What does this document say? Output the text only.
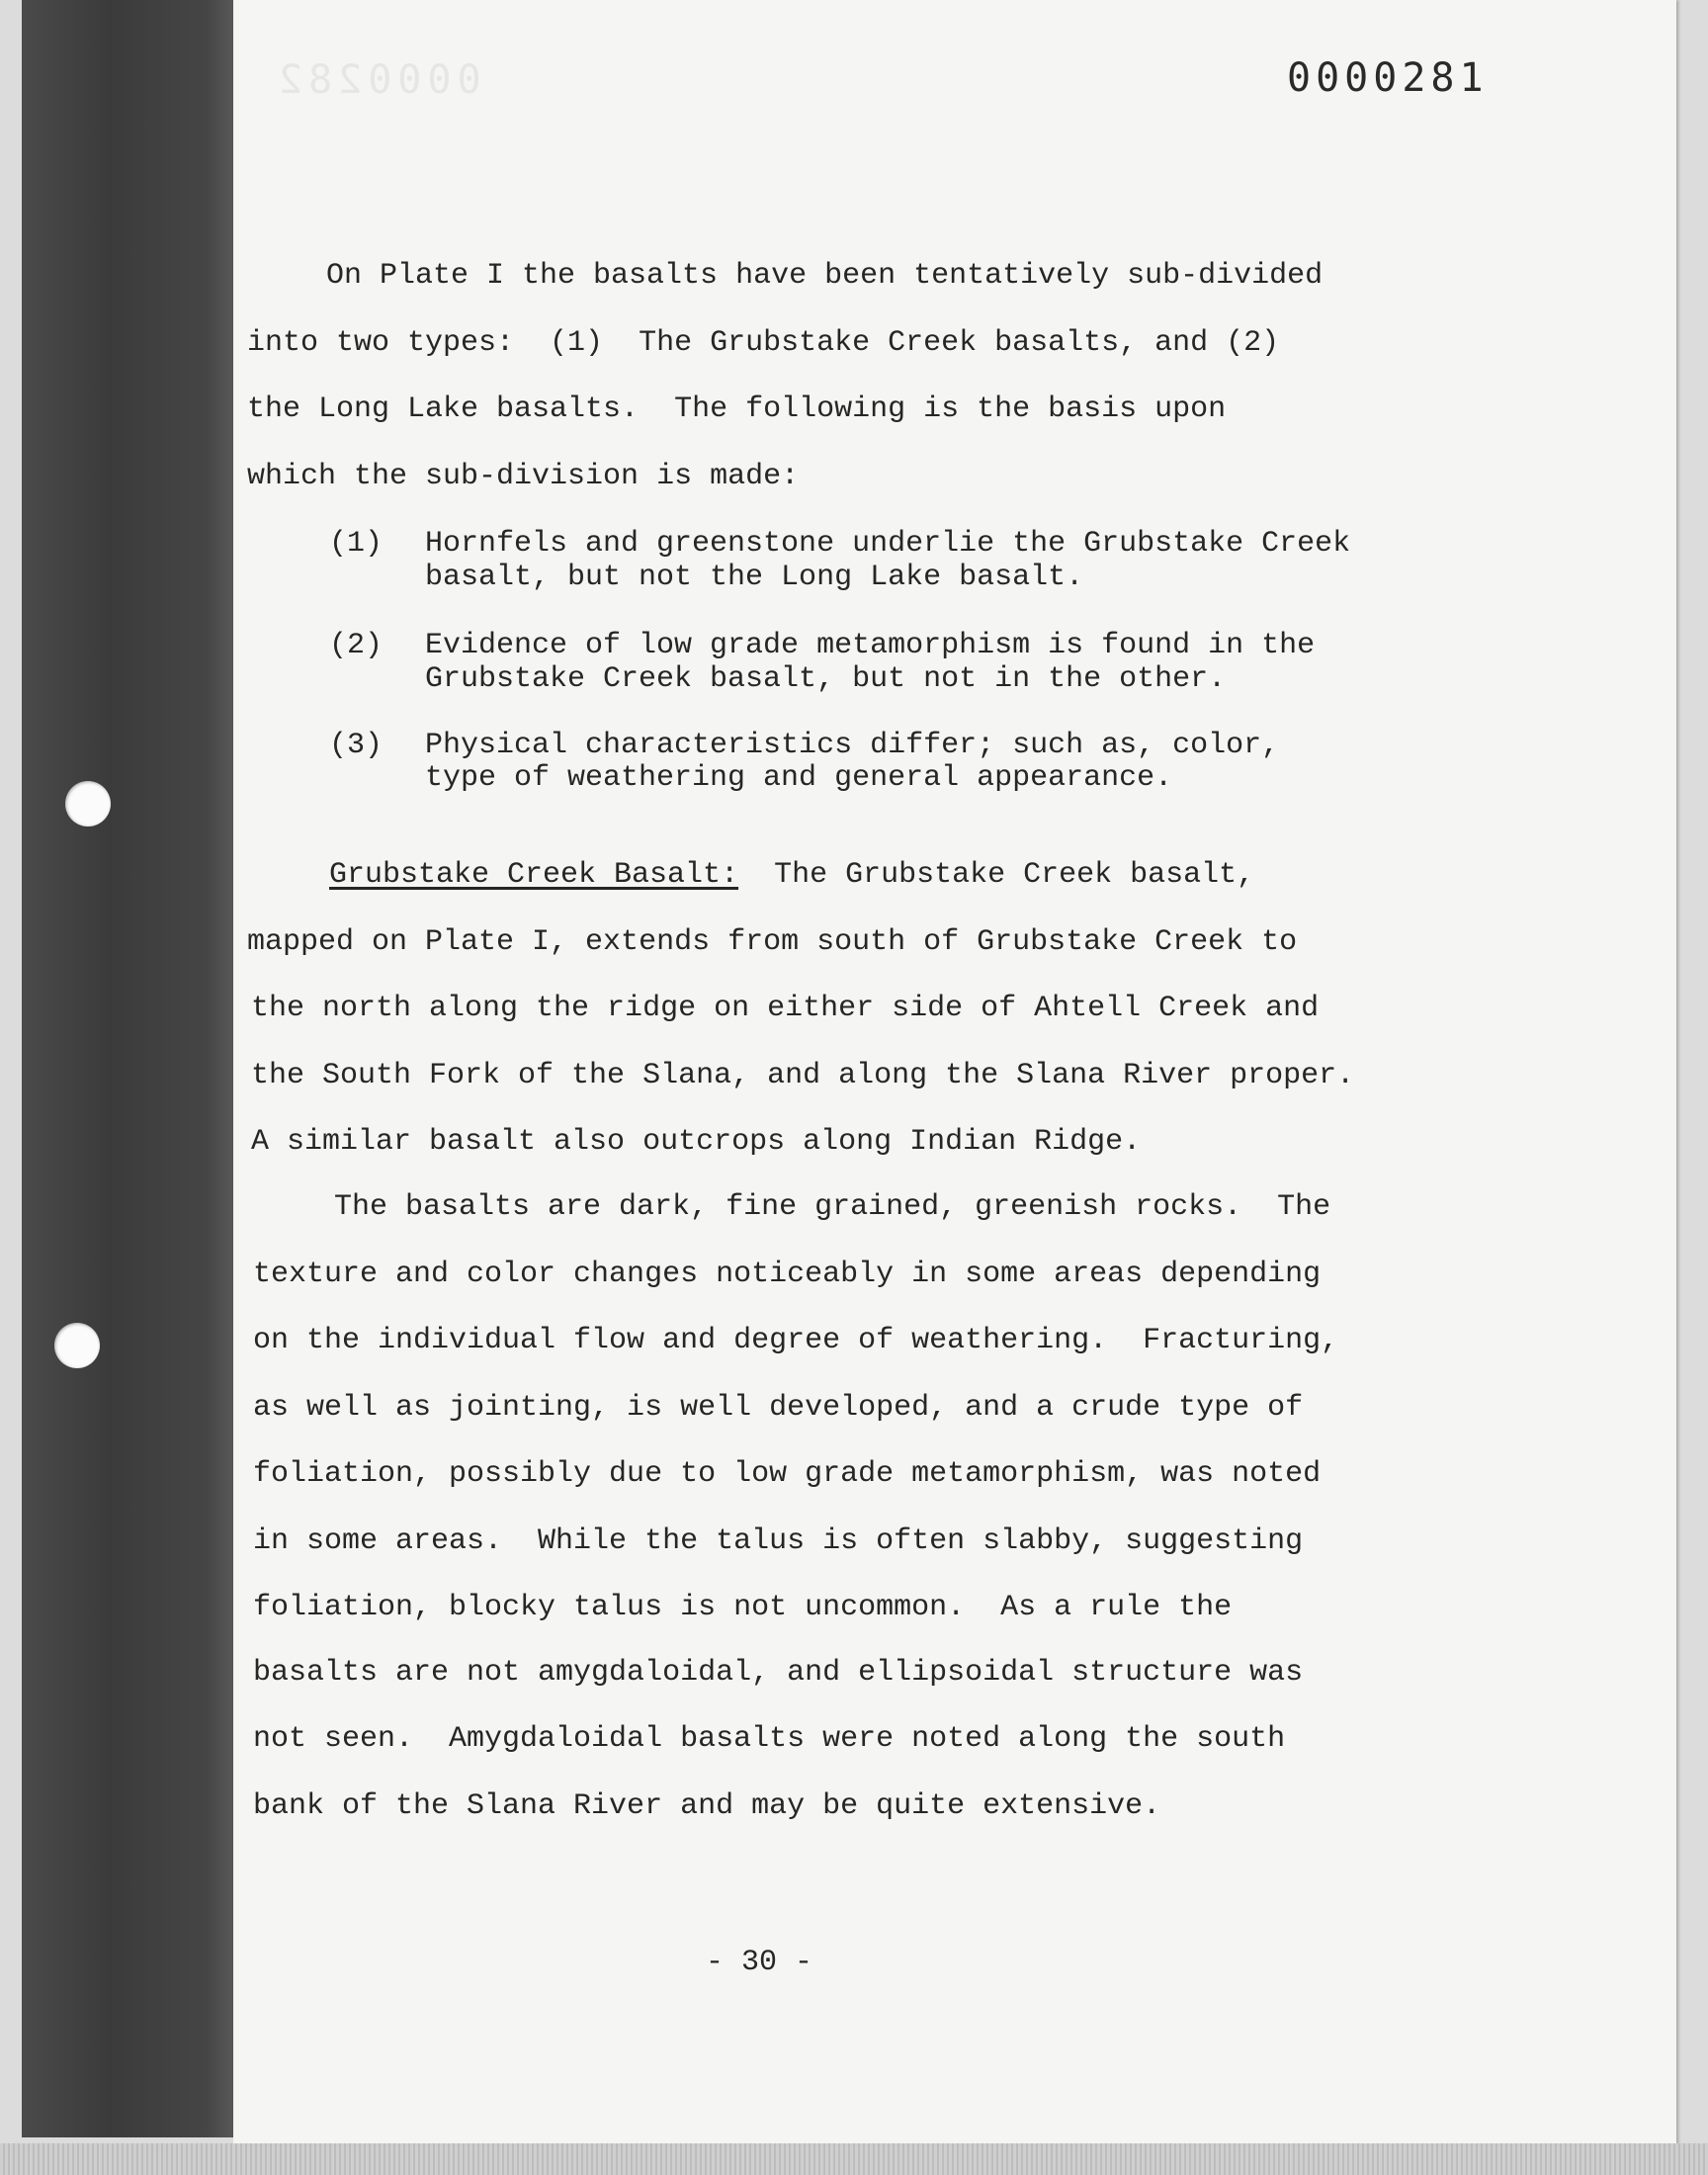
0000282	0000281

On Plate I the basalts have been tentatively sub-divided

into two types:  (1)  The Grubstake Creek basalts, and (2)

the Long Lake basalts.  The following is the basis upon

which the sub-division is made:

(1)

Hornfels and greenstone underlie the Grubstake Creek

basalt, but not the Long Lake basalt.

(2)

Evidence of low grade metamorphism is found in the

Grubstake Creek basalt, but not in the other.

(3)

Physical characteristics differ; such as, color,

type of weathering and general appearance.

Grubstake Creek Basalt:  The Grubstake Creek basalt,

mapped on Plate I, extends from south of Grubstake Creek to

the north along the ridge on either side of Ahtell Creek and

the South Fork of the Slana, and along the Slana River proper.

A similar basalt also outcrops along Indian Ridge.

The basalts are dark, fine grained, greenish rocks.  The

texture and color changes noticeably in some areas depending

on the individual flow and degree of weathering.  Fracturing,

as well as jointing, is well developed, and a crude type of

foliation, possibly due to low grade metamorphism, was noted

in some areas.  While the talus is often slabby, suggesting

foliation, blocky talus is not uncommon.  As a rule the

basalts are not amygdaloidal, and ellipsoidal structure was

not seen.  Amygdaloidal basalts were noted along the south

bank of the Slana River and may be quite extensive.

- 30 -
